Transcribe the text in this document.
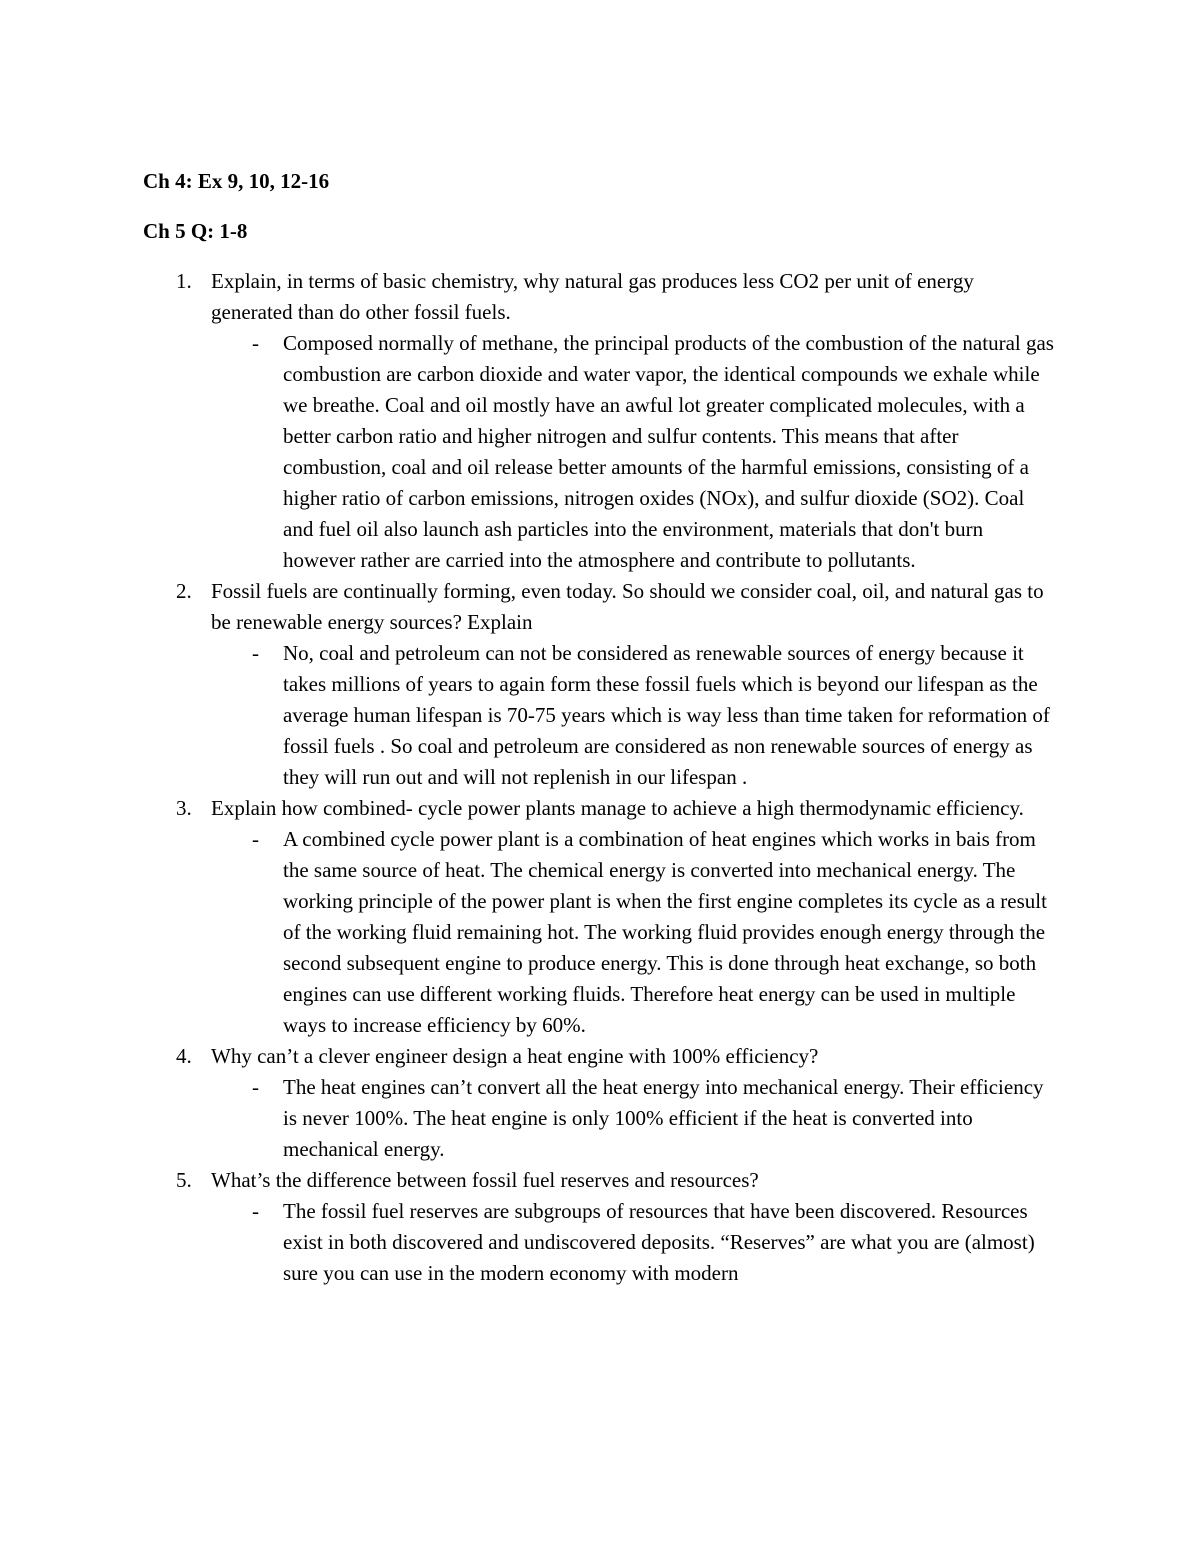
Ch 4: Ex 9, 10, 12-16
Ch 5 Q: 1-8
1. Explain, in terms of basic chemistry, why natural gas produces less CO2 per unit of energy generated than do other fossil fuels.
- Composed normally of methane, the principal products of the combustion of the natural gas combustion are carbon dioxide and water vapor, the identical compounds we exhale while we breathe. Coal and oil mostly have an awful lot greater complicated molecules, with a better carbon ratio and higher nitrogen and sulfur contents. This means that after combustion, coal and oil release better amounts of the harmful emissions, consisting of a higher ratio of carbon emissions, nitrogen oxides (NOx), and sulfur dioxide (SO2). Coal and fuel oil also launch ash particles into the environment, materials that don't burn however rather are carried into the atmosphere and contribute to pollutants.
2. Fossil fuels are continually forming, even today. So should we consider coal, oil, and natural gas to be renewable energy sources? Explain
- No, coal and petroleum can not be considered as renewable sources of energy because it takes millions of years to again form these fossil fuels which is beyond our lifespan as the average human lifespan is 70-75 years which is way less than time taken for reformation of fossil fuels . So coal and petroleum are considered as non renewable sources of energy as they will run out and will not replenish in our lifespan .
3. Explain how combined- cycle power plants manage to achieve a high thermodynamic efficiency.
- A combined cycle power plant is a combination of heat engines which works in bais from the same source of heat. The chemical energy is converted into mechanical energy. The working principle of the power plant is when the first engine completes its cycle as a result of the working fluid remaining hot. The working fluid provides enough energy through the second subsequent engine to produce energy. This is done through heat exchange, so both engines can use different working fluids. Therefore heat energy can be used in multiple ways to increase efficiency by 60%.
4. Why can’t a clever engineer design a heat engine with 100% efficiency?
- The heat engines can’t convert all the heat energy into mechanical energy. Their efficiency is never 100%. The heat engine is only 100% efficient if the heat is converted into mechanical energy.
5. What’s the difference between fossil fuel reserves and resources?
- The fossil fuel reserves are subgroups of resources that have been discovered. Resources exist in both discovered and undiscovered deposits. “Reserves” are what you are (almost) sure you can use in the modern economy with modern
